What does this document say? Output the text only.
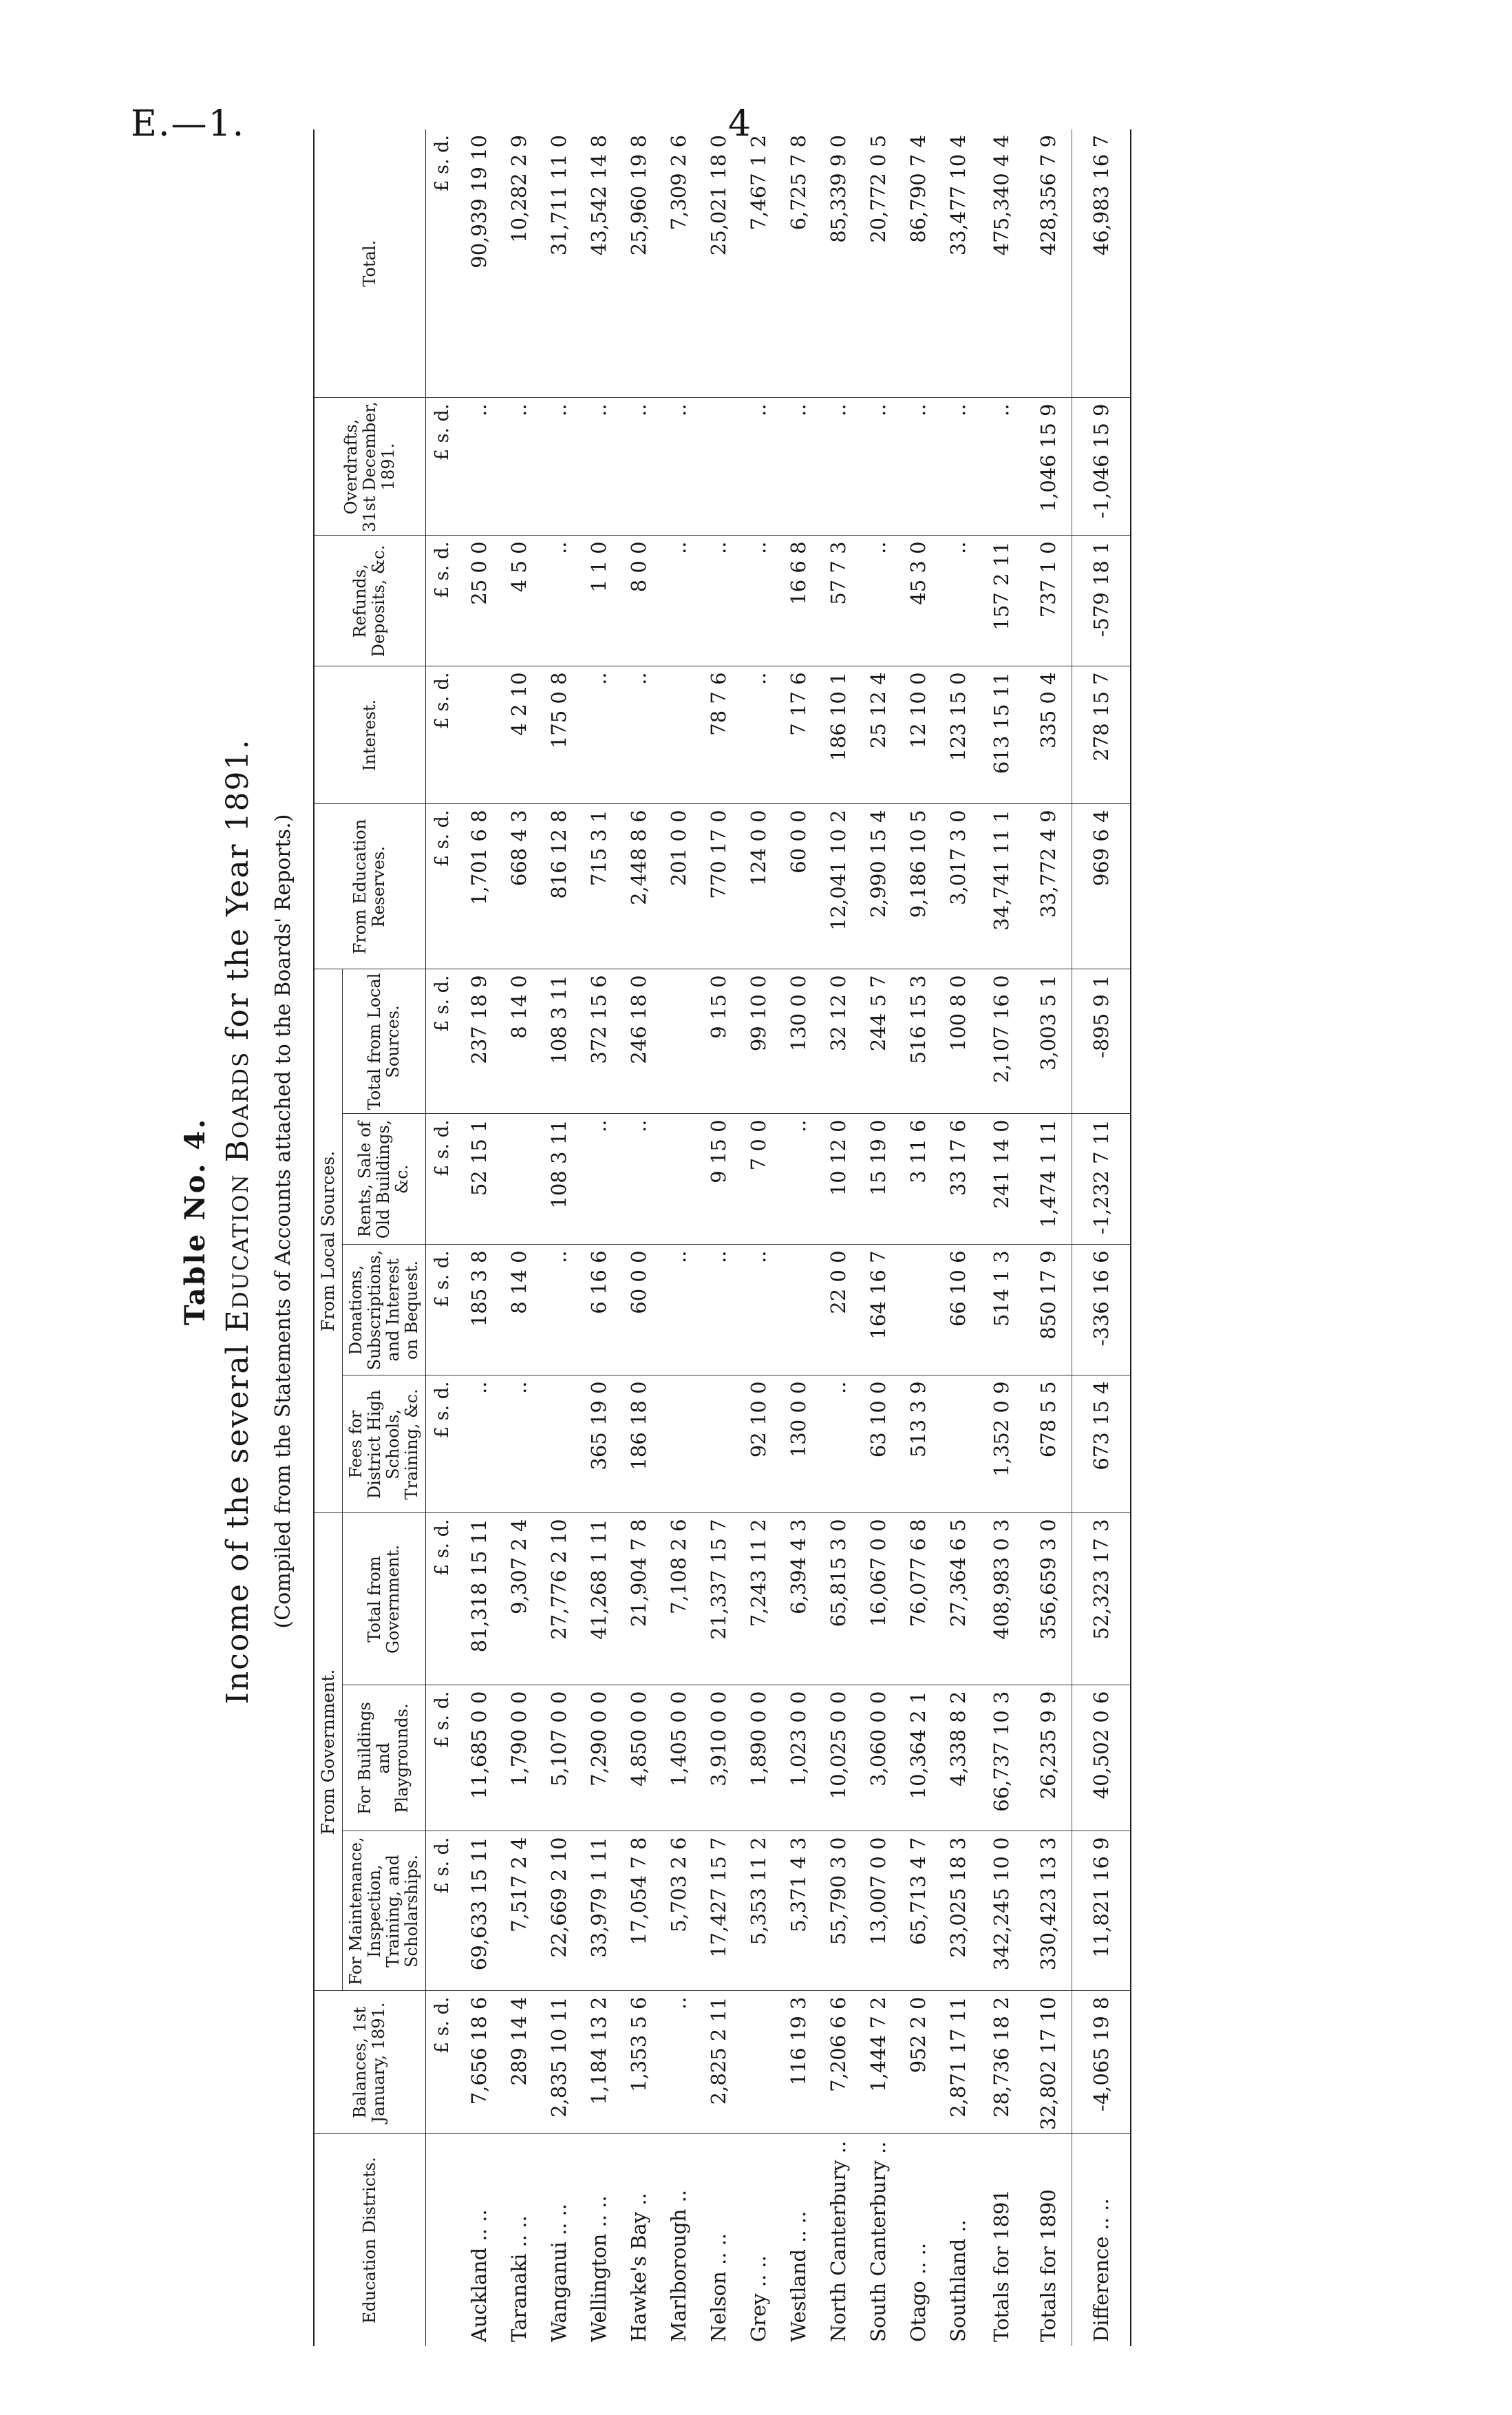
E.—1.	4
Table No. 4.
Income of the several Education Boards for the Year 1891. (Compiled from the Statements of Accounts attached to the Boards' Reports.)
Education Districts.	Balances, 1st January, 1891.	From Government.			From Local Sources.				From Education Reserves.	Interest.	Refunds, Deposits, &c.	Overdrafts, 31st December, 1891.	Total.
		For Maintenance, Inspection, Training, and Scholarships.	For Buildings and Playgrounds.	Total from Government.	Fees for District High Schools, Training, &c.	Donations, Subscriptions, and Interest on Bequest.	Rents, Sale of Old Buildings, &c.	Total from Local Sources.					
	£ s. d.	£ s. d.	£ s. d.	£ s. d.	£ s. d.	£ s. d.	£ s. d.	£ s. d.	£ s. d.	£ s. d.	£ s. d.	£ s. d.	£ s. d.
Auckland .. ..	7,656 18 6	69,633 15 11	11,685 0 0	81,318 15 11	..	185 3 8	52 15 1	237 18 9	1,701 6 8		25 0 0	..	90,939 19 10
Taranaki .. ..	289 14 4	7,517 2 4	1,790 0 0	9,307 2 4	..	8 14 0		8 14 0	668 4 3	4 2 10	4 5 0	..	10,282 2 9
Wanganui .. ..	2,835 10 11	22,669 2 10	5,107 0 0	27,776 2 10		..	108 3 11	108 3 11	816 12 8	175 0 8	..	..	31,711 11 0
Wellington .. ..	1,184 13 2	33,979 1 11	7,290 0 0	41,268 1 11	365 19 0	6 16 6	..	372 15 6	715 3 1	..	1 1 0	..	43,542 14 8
Hawke's Bay ..	1,353 5 6	17,054 7 8	4,850 0 0	21,904 7 8	186 18 0	60 0 0	..	246 18 0	2,448 8 6	..	8 0 0	..	25,960 19 8
Marlborough ..	..	5,703 2 6	1,405 0 0	7,108 2 6		..			201 0 0		..	..	7,309 2 6
Nelson .. ..	2,825 2 11	17,427 15 7	3,910 0 0	21,337 15 7		..	9 15 0	9 15 0	770 17 0	78 7 6	..		25,021 18 0
Grey .. ..		5,353 11 2	1,890 0 0	7,243 11 2	92 10 0	..	7 0 0	99 10 0	124 0 0	..	..	..	7,467 1 2
Westland .. ..	116 19 3	5,371 4 3	1,023 0 0	6,394 4 3	130 0 0		..	130 0 0	60 0 0	7 17 6	16 6 8	..	6,725 7 8
North Canterbury ..	7,206 6 6	55,790 3 0	10,025 0 0	65,815 3 0	..	22 0 0	10 12 0	32 12 0	12,041 10 2	186 10 1	57 7 3	..	85,339 9 0
South Canterbury ..	1,444 7 2	13,007 0 0	3,060 0 0	16,067 0 0	63 10 0	164 16 7	15 19 0	244 5 7	2,990 15 4	25 12 4	..	..	20,772 0 5
Otago .. ..	952 2 0	65,713 4 7	10,364 2 1	76,077 6 8	513 3 9		3 11 6	516 15 3	9,186 10 5	12 10 0	45 3 0	..	86,790 7 4
Southland ..	2,871 17 11	23,025 18 3	4,338 8 2	27,364 6 5		66 10 6	33 17 6	100 8 0	3,017 3 0	123 15 0	..	..	33,477 10 4
Totals for 1891	28,736 18 2	342,245 10 0	66,737 10 3	408,983 0 3	1,352 0 9	514 1 3	241 14 0	2,107 16 0	34,741 11 1	613 15 11	157 2 11	..	475,340 4 4
Totals for 1890	32,802 17 10	330,423 13 3	26,235 9 9	356,659 3 0	678 5 5	850 17 9	1,474 1 11	3,003 5 1	33,772 4 9	335 0 4	737 1 0	1,046 15 9	428,356 7 9
Difference .. ..	-4,065 19 8	11,821 16 9	40,502 0 6	52,323 17 3	673 15 4	-336 16 6	-1,232 7 11	-895 9 1	969 6 4	278 15 7	-579 18 1	-1,046 15 9	46,983 16 7
